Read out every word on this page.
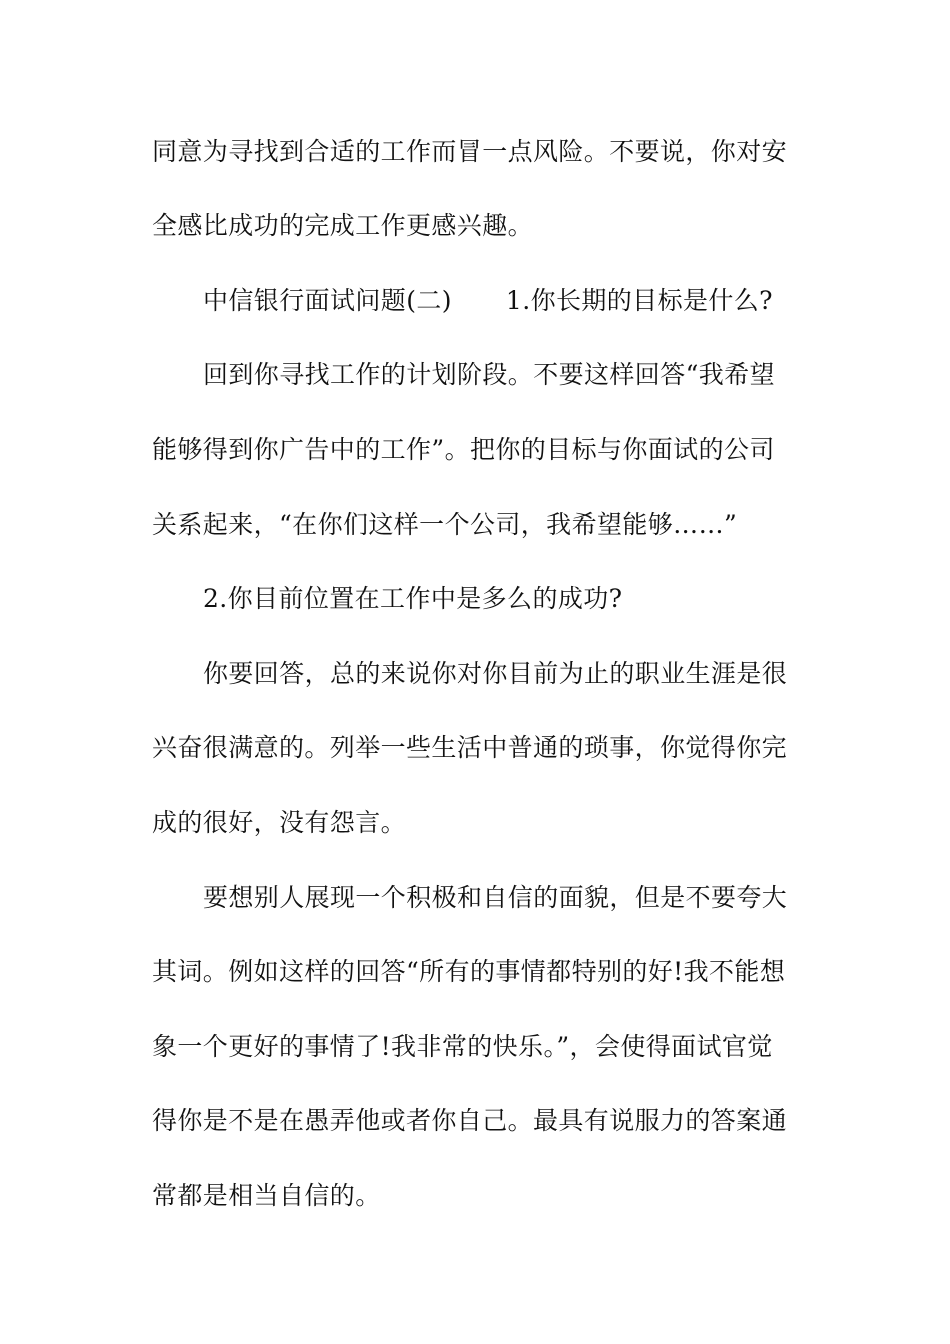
同意为寻找到合适的工作而冒一点风险。不要说，你对安
全感比成功的完成工作更感兴趣。
中信银行面试问题(二) 1.你长期的目标是什么?
回到你寻找工作的计划阶段。不要这样回答“我希望
能够得到你广告中的工作”。把你的目标与你面试的公司
关系起来，“在你们这样一个公司，我希望能够……”
2.你目前位置在工作中是多么的成功?
你要回答，总的来说你对你目前为止的职业生涯是很
兴奋很满意的。列举一些生活中普通的琐事，你觉得你完
成的很好，没有怨言。
要想别人展现一个积极和自信的面貌，但是不要夸大
其词。例如这样的回答“所有的事情都特别的好!我不能想
象一个更好的事情了!我非常的快乐。”，会使得面试官觉
得你是不是在愚弄他或者你自己。最具有说服力的答案通
常都是相当自信的。
